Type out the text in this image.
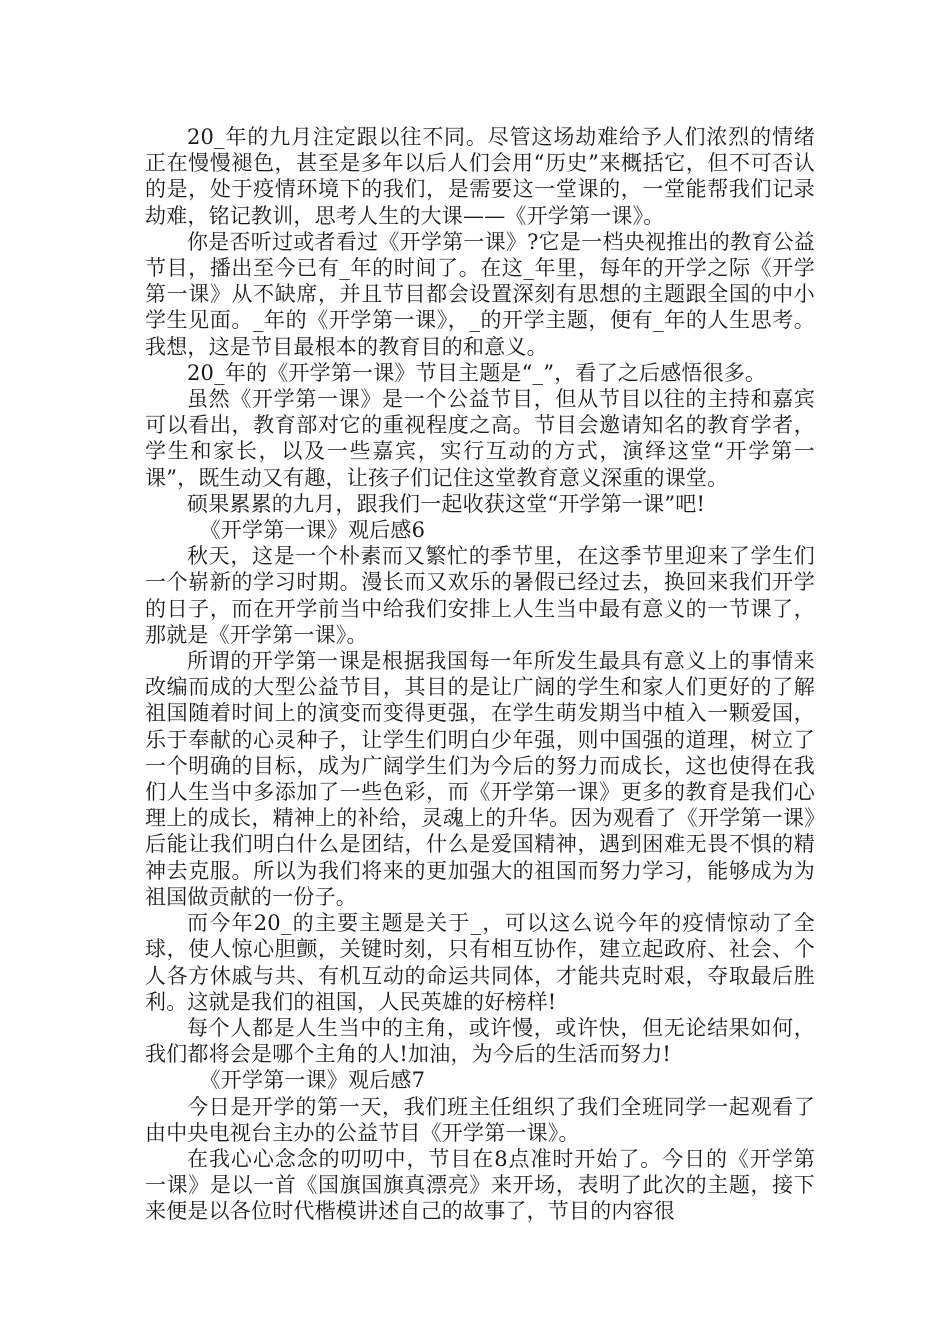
20_年的九月注定跟以往不同。尽管这场劫难给予人们浓烈的情绪正在慢慢褪色，甚至是多年以后人们会用“历史”来概括它，但不可否认的是，处于疫情环境下的我们，是需要这一堂课的，一堂能帮我们记录劫难，铭记教训，思考人生的大课——《开学第一课》。

你是否听过或者看过《开学第一课》?它是一档央视推出的教育公益节目，播出至今已有_年的时间了。在这_年里，每年的开学之际《开学第一课》从不缺席，并且节目都会设置深刻有思想的主题跟全国的中小学生见面。_年的《开学第一课》，_的开学主题，便有_年的人生思考。我想，这是节目最根本的教育目的和意义。

20_年的《开学第一课》节目主题是“_”，看了之后感悟很多。

虽然《开学第一课》是一个公益节目，但从节目以往的主持和嘉宾可以看出，教育部对它的重视程度之高。节目会邀请知名的教育学者，学生和家长，以及一些嘉宾，实行互动的方式，演绎这堂“开学第一课”，既生动又有趣，让孩子们记住这堂教育意义深重的课堂。

硕果累累的九月，跟我们一起收获这堂“开学第一课”吧!

《开学第一课》观后感6

秋天，这是一个朴素而又繁忙的季节里，在这季节里迎来了学生们一个崭新的学习时期。漫长而又欢乐的暑假已经过去，换回来我们开学的日子，而在开学前当中给我们安排上人生当中最有意义的一节课了，那就是《开学第一课》。

所谓的开学第一课是根据我国每一年所发生最具有意义上的事情来改编而成的大型公益节目，其目的是让广阔的学生和家人们更好的了解祖国随着时间上的演变而变得更强，在学生萌发期当中植入一颗爱国，乐于奉献的心灵种子，让学生们明白少年强，则中国强的道理，树立了一个明确的目标，成为广阔学生们为今后的努力而成长，这也使得在我们人生当中多添加了一些色彩，而《开学第一课》更多的教育是我们心理上的成长，精神上的补给，灵魂上的升华。因为观看了《开学第一课》后能让我们明白什么是团结，什么是爱国精神，遇到困难无畏不惧的精神去克服。所以为我们将来的更加强大的祖国而努力学习，能够成为为祖国做贡献的一份子。

而今年20_的主要主题是关于_，可以这么说今年的疫情惊动了全球，使人惊心胆颤，关键时刻，只有相互协作，建立起政府、社会、个人各方休戚与共、有机互动的命运共同体，才能共克时艰，夺取最后胜利。这就是我们的祖国，人民英雄的好榜样!

每个人都是人生当中的主角，或许慢，或许快，但无论结果如何，我们都将会是哪个主角的人!加油，为今后的生活而努力!

《开学第一课》观后感7

今日是开学的第一天，我们班主任组织了我们全班同学一起观看了由中央电视台主办的公益节目《开学第一课》。

在我心心念念的叨叨中，节目在8点准时开始了。今日的《开学第一课》是以一首《国旗国旗真漂亮》来开场，表明了此次的主题，接下来便是以各位时代楷模讲述自己的故事了，节目的内容很
